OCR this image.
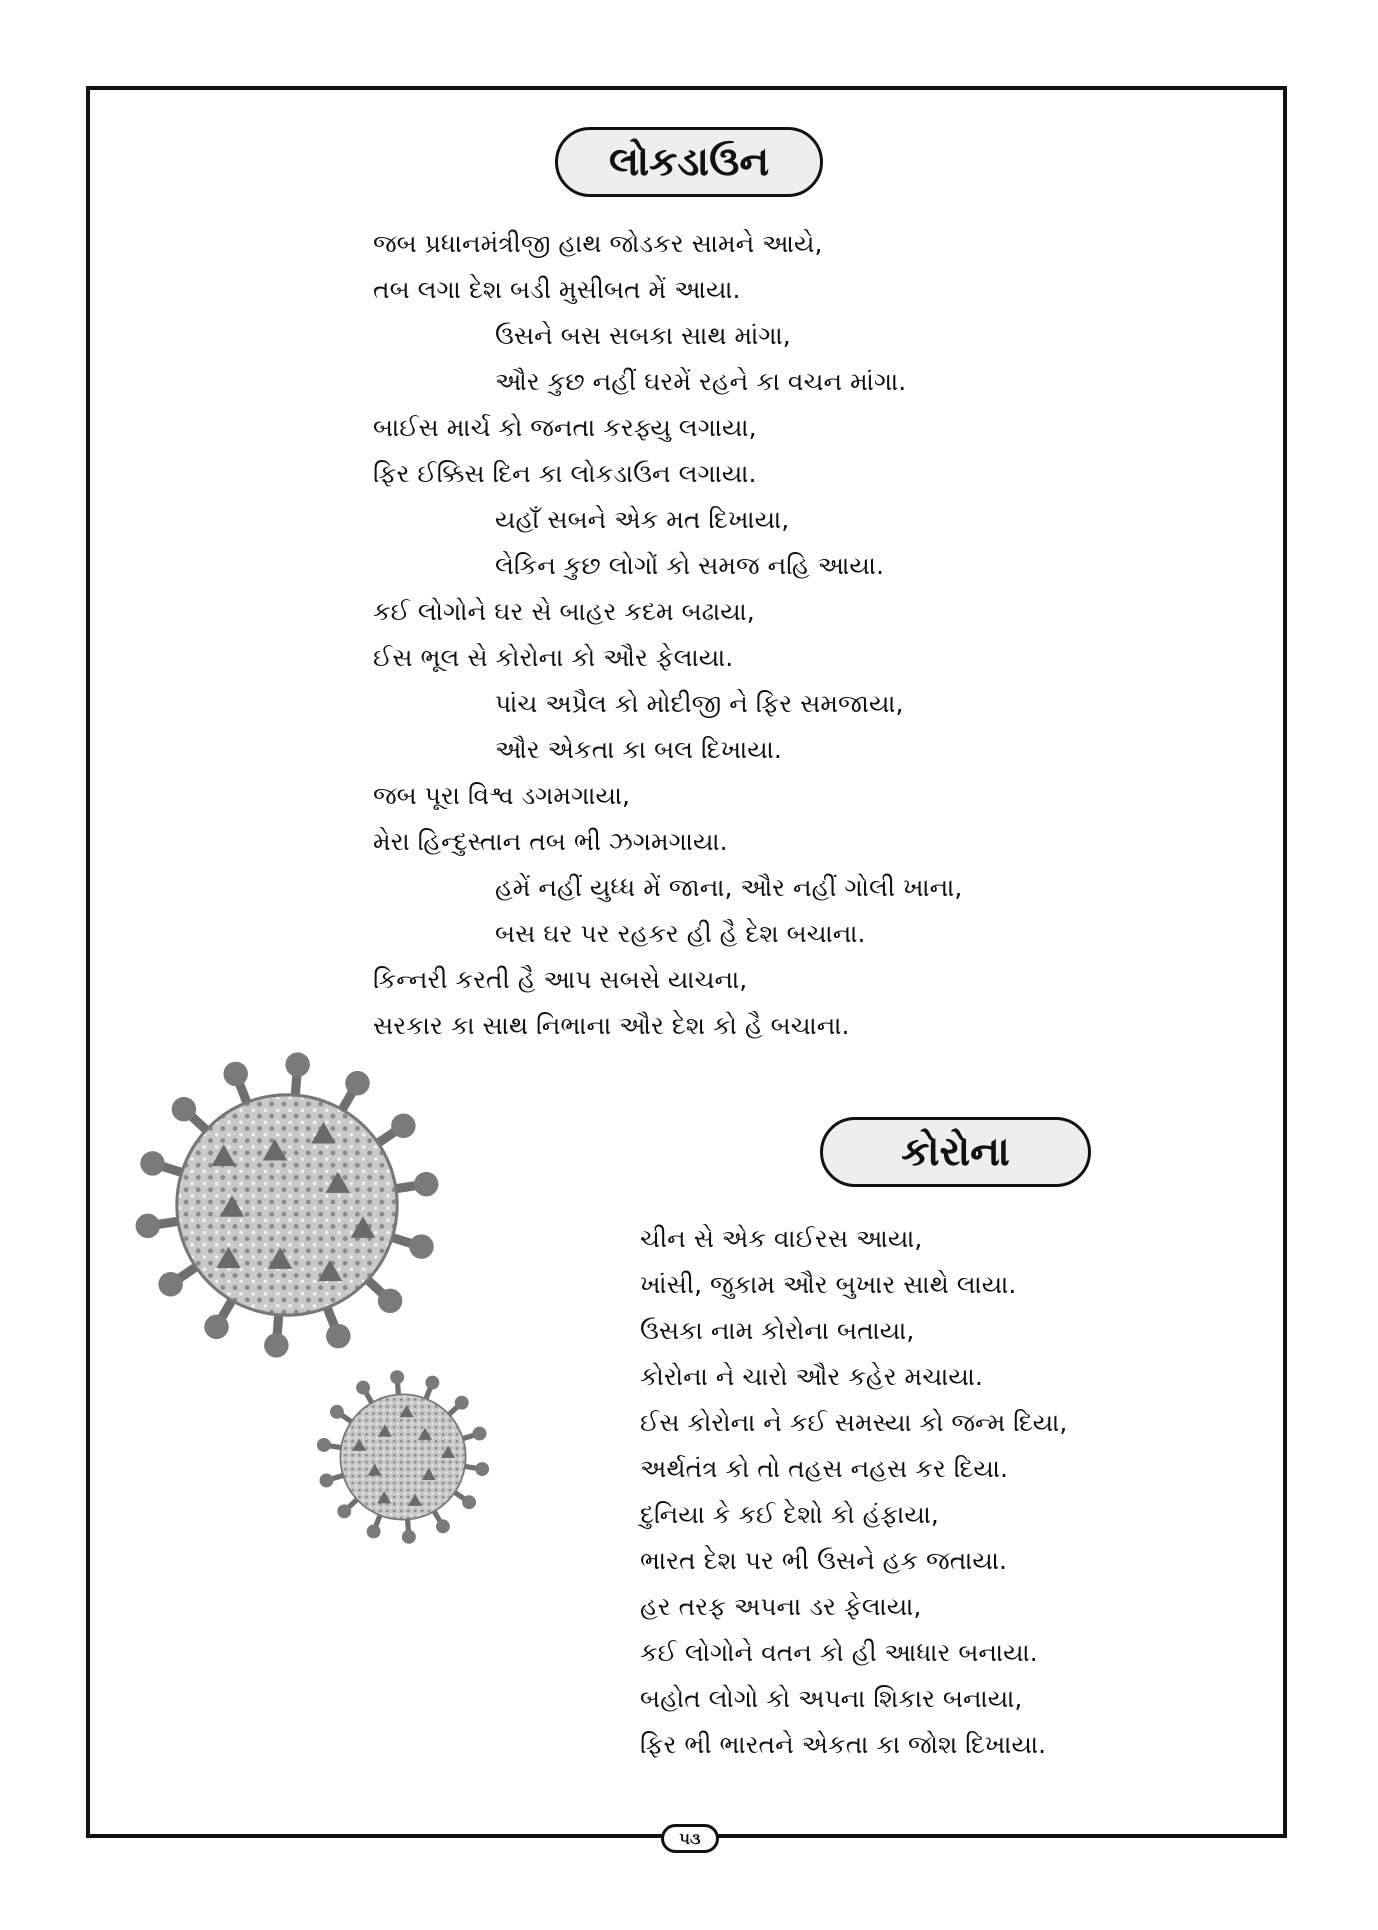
લોકડાઉન
જબ પ્રધાનમંત્રીજી હાથ જોડકર સામને આયે,
તબ લગા દેશ બડી મુસીબત મેં આયા.
ઉસને બસ સબકા સાથ માંગા,
ઔર કુછ નહીં ઘરમેં રહને કા વચન માંગા.
બાઈસ માર્ચ કો જનતા કરફ્યુ લગાયા,
ફિર ઈક્કિસ દિન કા લોકડાઉન લગાયા.
યહાઁ સબને એક મત દિખાયા,
લેકિન કુછ લોગોં કો સમજ નહિ આયા.
કઈ લોગોને ઘર સે બાહર કદમ બઢાયા,
ઈસ ભૂલ સે કોરોના કો ઔર ફેલાયા.
પાંચ અપ્રૈલ કો મોદીજી ને ફિર સમજાયા,
ઔર એકતા કા બલ દિખાયા.
જબ પૂરા વિશ્વ ડગમગાયા,
મેરા હિન્દુસ્તાન તબ ભી ઝગમગાયા.
હમેં નહીં યુધ્ધ મેં જાના, ઔર નહીં ગોલી ખાના,
બસ ઘર પર રહકર હી હૈ દેશ બચાના.
કિન્નરી કરતી હૈ આપ સબસે યાચના,
સરકાર કા સાથ નિભાના ઔર દેશ કો હૈ બચાના.
કોરોના
ચીન સે એક વાઈરસ આયા,
ખાંસી, જુકામ ઔર બુખાર સાથે લાયા.
ઉસકા નામ કોરોના બતાયા,
કોરોના ને ચારો ઔર કહેર મચાયા.
ઈસ કોરોના ને કઈ સમસ્યા કો જન્મ દિયા,
અર્થતંત્ર કો તો તહસ નહસ કર દિયા.
દુનિયા કે કઈ દેશો કો હંફાયા,
ભારત દેશ પર ભી ઉસને હક જતાયા.
હર તરફ અપના ડર ફેલાયા,
કઈ લોગોને વતન કો હી આધાર બનાયા.
બહોત લોગો કો અપના શિકાર બનાયા,
ફિર ભી ભારતને એકતા કા જોશ દિખાયા.
૫૩
